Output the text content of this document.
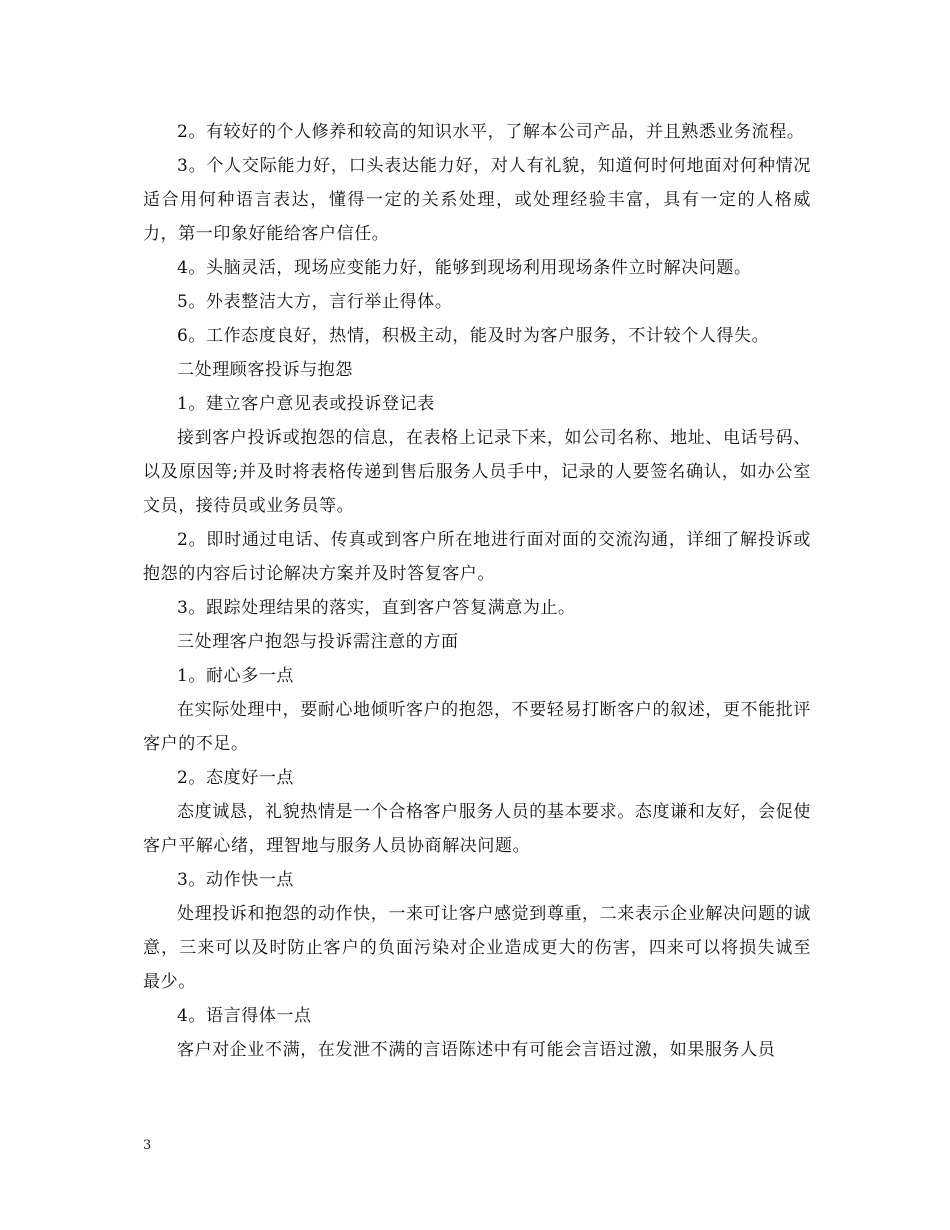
2。有较好的个人修养和较高的知识水平，了解本公司产品，并且熟悉业务流程。

3。个人交际能力好，口头表达能力好，对人有礼貌，知道何时何地面对何种情况适合用何种语言表达，懂得一定的关系处理，或处理经验丰富，具有一定的人格威力，第一印象好能给客户信任。

4。头脑灵活，现场应变能力好，能够到现场利用现场条件立时解决问题。

5。外表整洁大方，言行举止得体。

6。工作态度良好，热情，积极主动，能及时为客户服务，不计较个人得失。

二处理顾客投诉与抱怨

1。建立客户意见表或投诉登记表

接到客户投诉或抱怨的信息，在表格上记录下来，如公司名称、地址、电话号码、以及原因等;并及时将表格传递到售后服务人员手中，记录的人要签名确认，如办公室文员，接待员或业务员等。

2。即时通过电话、传真或到客户所在地进行面对面的交流沟通，详细了解投诉或抱怨的内容后讨论解决方案并及时答复客户。

3。跟踪处理结果的落实，直到客户答复满意为止。

三处理客户抱怨与投诉需注意的方面

1。耐心多一点

在实际处理中，要耐心地倾听客户的抱怨，不要轻易打断客户的叙述，更不能批评客户的不足。

2。态度好一点

态度诚恳，礼貌热情是一个合格客户服务人员的基本要求。态度谦和友好，会促使客户平解心绪，理智地与服务人员协商解决问题。

3。动作快一点

处理投诉和抱怨的动作快，一来可让客户感觉到尊重，二来表示企业解决问题的诚意，三来可以及时防止客户的负面污染对企业造成更大的伤害，四来可以将损失诚至最少。

4。语言得体一点

客户对企业不满，在发泄不满的言语陈述中有可能会言语过激，如果服务人员

3
